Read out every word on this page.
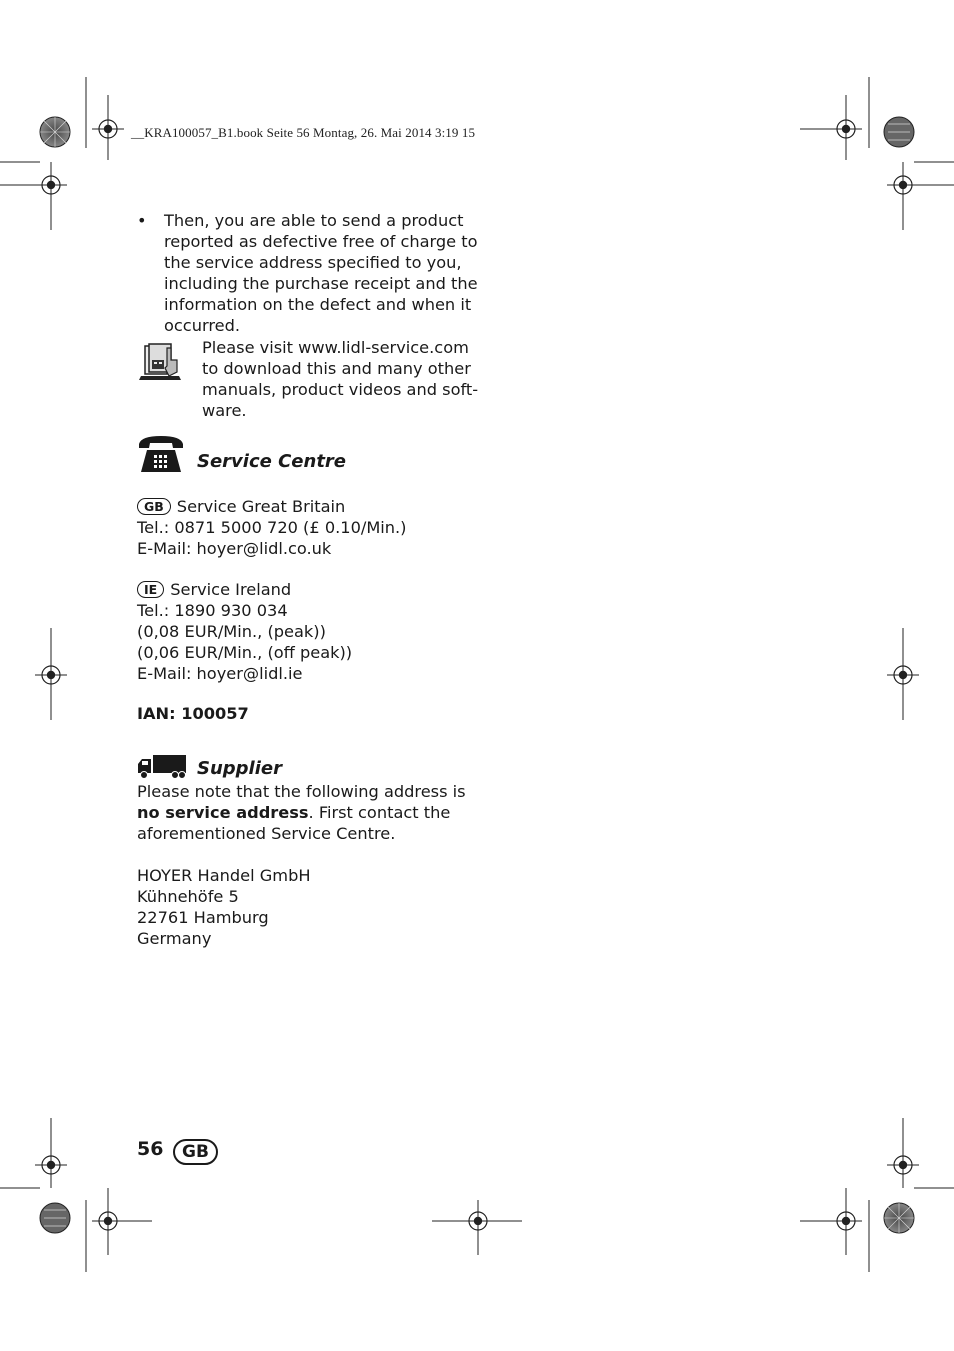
__KRA100057_B1.book Seite 56 Montag, 26. Mai 2014 3:19 15
• Then, you are able to send a product
reported as defective free of charge to
the service address specified to you,
including the purchase receipt and the
information on the defect and when it
occurred.
Please visit www.lidl-service.com
to download this and many other
manuals, product videos and soft-
ware.
Service Centre
GB Service Great Britain
Tel.: 0871 5000 720 (£ 0.10/Min.)
E-Mail: hoyer@lidl.co.uk
IE Service Ireland
Tel.: 1890 930 034
(0,08 EUR/Min., (peak))
(0,06 EUR/Min., (off peak))
E-Mail: hoyer@lidl.ie
IAN: 100057
Supplier
Please note that the following address is
no service address. First contact the
aforementioned Service Centre.
HOYER Handel GmbH
Kühnehöfe 5
22761 Hamburg
Germany
56	GB
